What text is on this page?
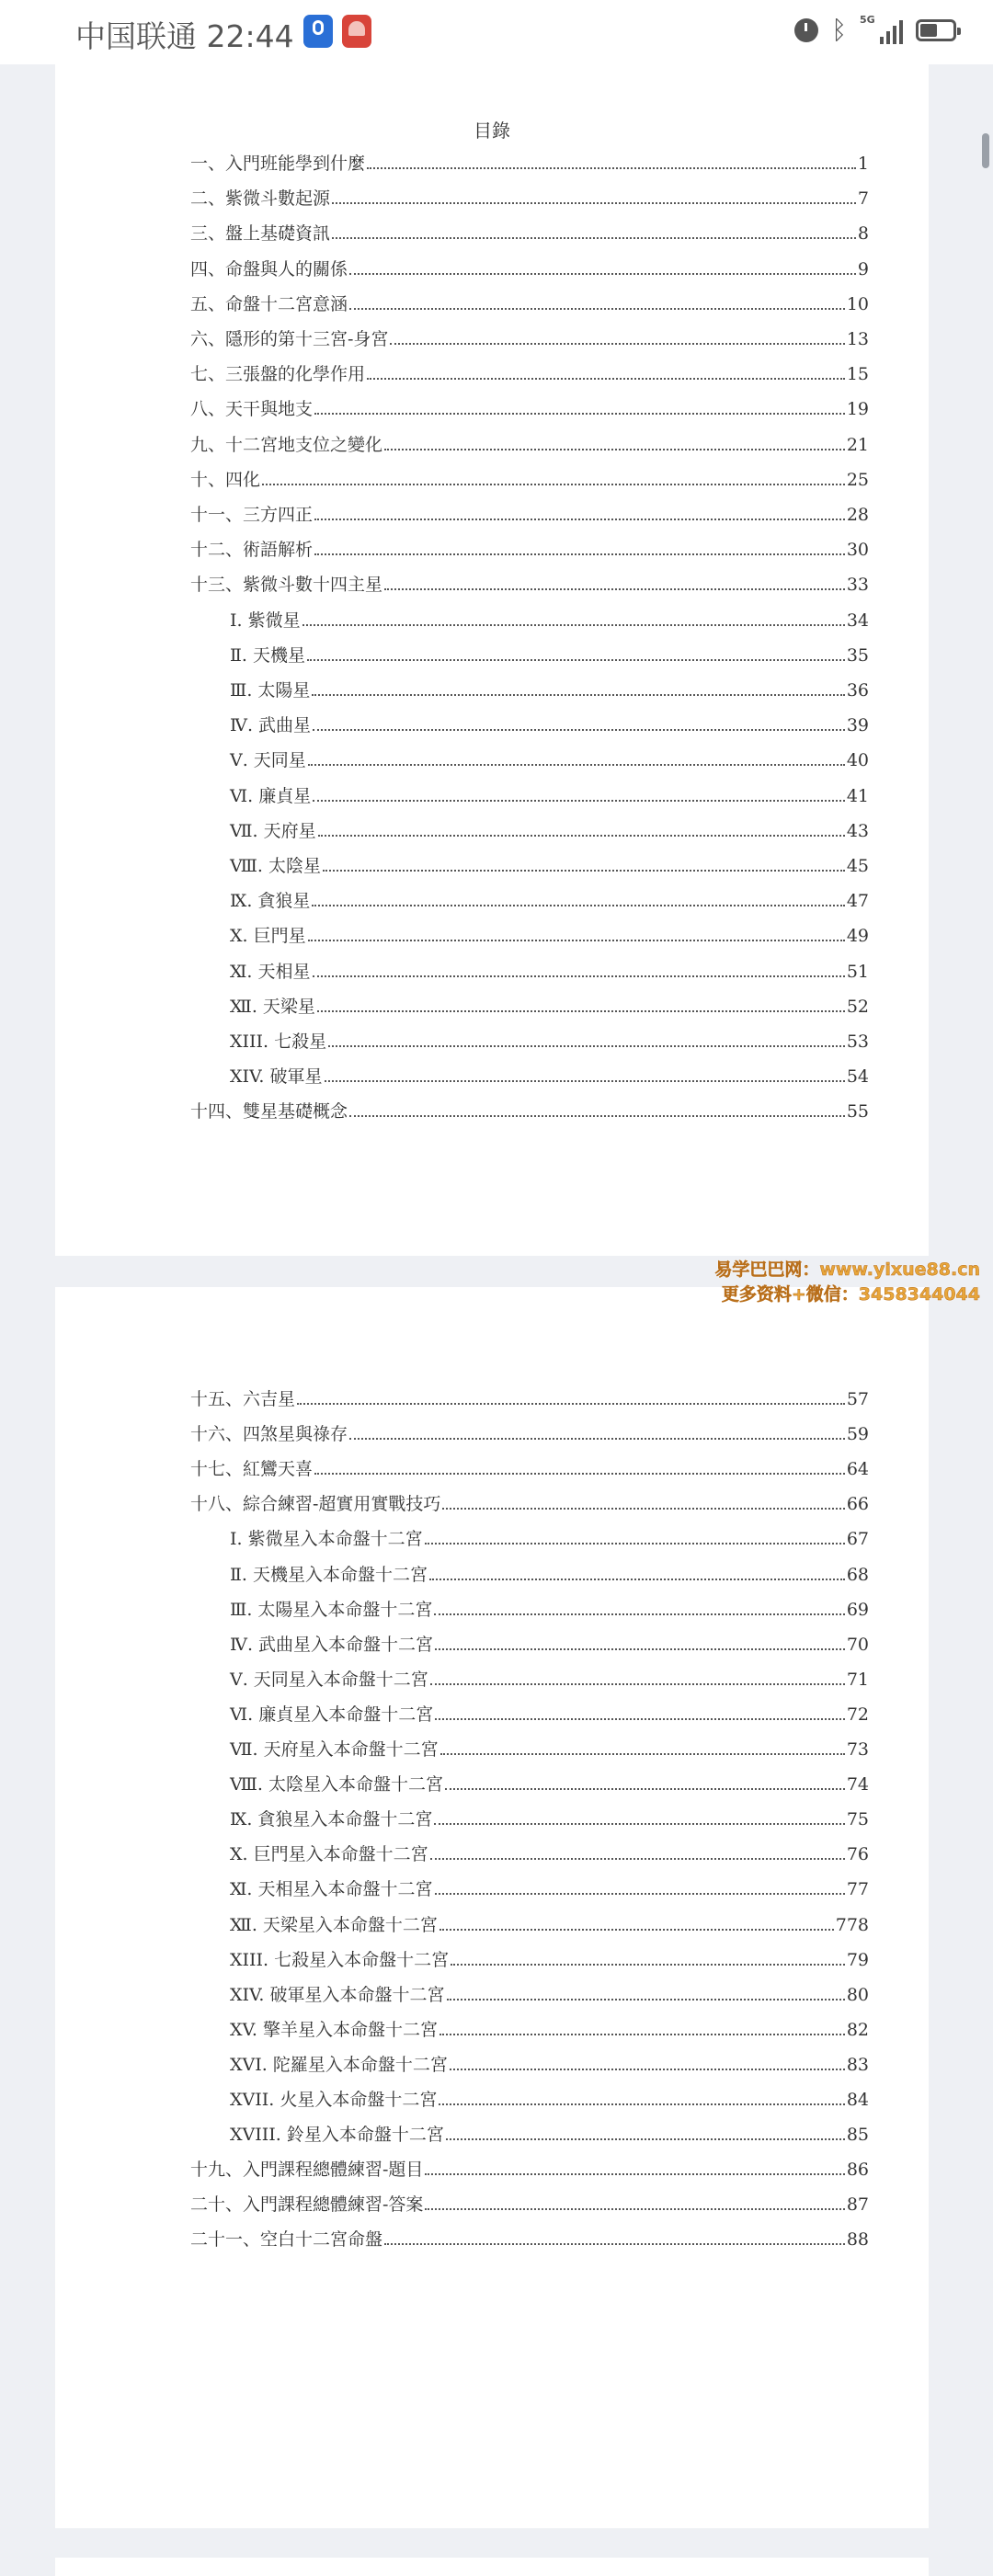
中国联通 22:44	ᛒ 5G
目錄
一、入門班能學到什麼	1
二、紫微斗數起源	7
三、盤上基礎資訊	8
四、命盤與人的關係	9
五、命盤十二宮意涵	10
六、隱形的第十三宮-身宮	13
七、三張盤的化學作用	15
八、天干與地支	19
九、十二宮地支位之變化	21
十、四化	25
十一、三方四正	28
十二、術語解析	30
十三、紫微斗數十四主星	33
Ⅰ. 紫微星	34
Ⅱ. 天機星	35
Ⅲ. 太陽星	36
Ⅳ. 武曲星	39
Ⅴ. 天同星	40
Ⅵ. 廉貞星	41
Ⅶ. 天府星	43
Ⅷ. 太陰星	45
Ⅸ. 貪狼星	47
Ⅹ. 巨門星	49
Ⅺ. 天相星	51
Ⅻ. 天梁星	52
XIII. 七殺星	53
XIV. 破軍星	54
十四、雙星基礎概念	55
十五、六吉星	57
十六、四煞星與祿存	59
十七、紅鸞天喜	64
十八、綜合練習-超實用實戰技巧	66
Ⅰ. 紫微星入本命盤十二宮	67
Ⅱ. 天機星入本命盤十二宮	68
Ⅲ. 太陽星入本命盤十二宮	69
Ⅳ. 武曲星入本命盤十二宮	70
Ⅴ. 天同星入本命盤十二宮	71
Ⅵ. 廉貞星入本命盤十二宮	72
Ⅶ. 天府星入本命盤十二宮	73
Ⅷ. 太陰星入本命盤十二宮	74
Ⅸ. 貪狼星入本命盤十二宮	75
Ⅹ. 巨門星入本命盤十二宮	76
Ⅺ. 天相星入本命盤十二宮	77
Ⅻ. 天梁星入本命盤十二宮	778
XIII. 七殺星入本命盤十二宮	79
XIV. 破軍星入本命盤十二宮	80
XV. 擎羊星入本命盤十二宮	82
XVI. 陀羅星入本命盤十二宮	83
XVII. 火星入本命盤十二宮	84
XVIII. 鈴星入本命盤十二宮	85
十九、入門課程總體練習-題目	86
二十、入門課程總體練習-答案	87
二十一、空白十二宮命盤	88
易学巴巴网：www.yixue88.cn
更多资料+微信：3458344044
